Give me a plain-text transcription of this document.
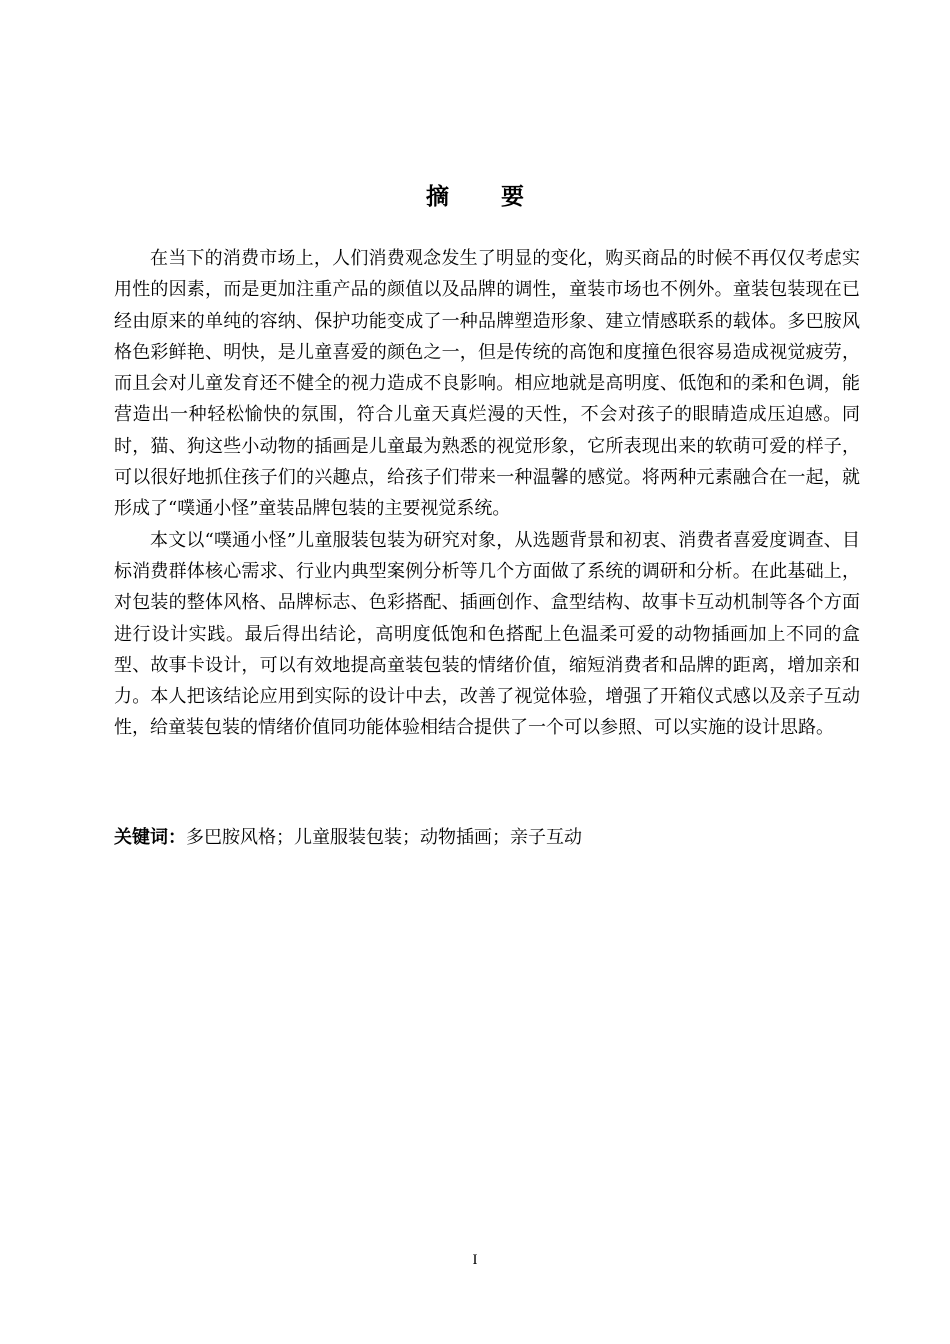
摘 要

在当下的消费市场上，人们消费观念发生了明显的变化，购买商品的时候不再仅仅考虑实用性的因素，而是更加注重产品的颜值以及品牌的调性，童装市场也不例外。童装包装现在已经由原来的单纯的容纳、保护功能变成了一种品牌塑造形象、建立情感联系的载体。多巴胺风格色彩鲜艳、明快，是儿童喜爱的颜色之一，但是传统的高饱和度撞色很容易造成视觉疲劳，而且会对儿童发育还不健全的视力造成不良影响。相应地就是高明度、低饱和的柔和色调，能营造出一种轻松愉快的氛围，符合儿童天真烂漫的天性，不会对孩子的眼睛造成压迫感。同时，猫、狗这些小动物的插画是儿童最为熟悉的视觉形象，它所表现出来的软萌可爱的样子，可以很好地抓住孩子们的兴趣点，给孩子们带来一种温馨的感觉。将两种元素融合在一起，就形成了“噗通小怪”童装品牌包装的主要视觉系统。

本文以“噗通小怪”儿童服装包装为研究对象，从选题背景和初衷、消费者喜爱度调查、目标消费群体核心需求、行业内典型案例分析等几个方面做了系统的调研和分析。在此基础上，对包装的整体风格、品牌标志、色彩搭配、插画创作、盒型结构、故事卡互动机制等各个方面进行设计实践。最后得出结论，高明度低饱和色搭配上色温柔可爱的动物插画加上不同的盒型、故事卡设计，可以有效地提高童装包装的情绪价值，缩短消费者和品牌的距离，增加亲和力。本人把该结论应用到实际的设计中去，改善了视觉体验，增强了开箱仪式感以及亲子互动性，给童装包装的情绪价值同功能体验相结合提供了一个可以参照、可以实施的设计思路。

关键词：多巴胺风格；儿童服装包装；动物插画；亲子互动
I
